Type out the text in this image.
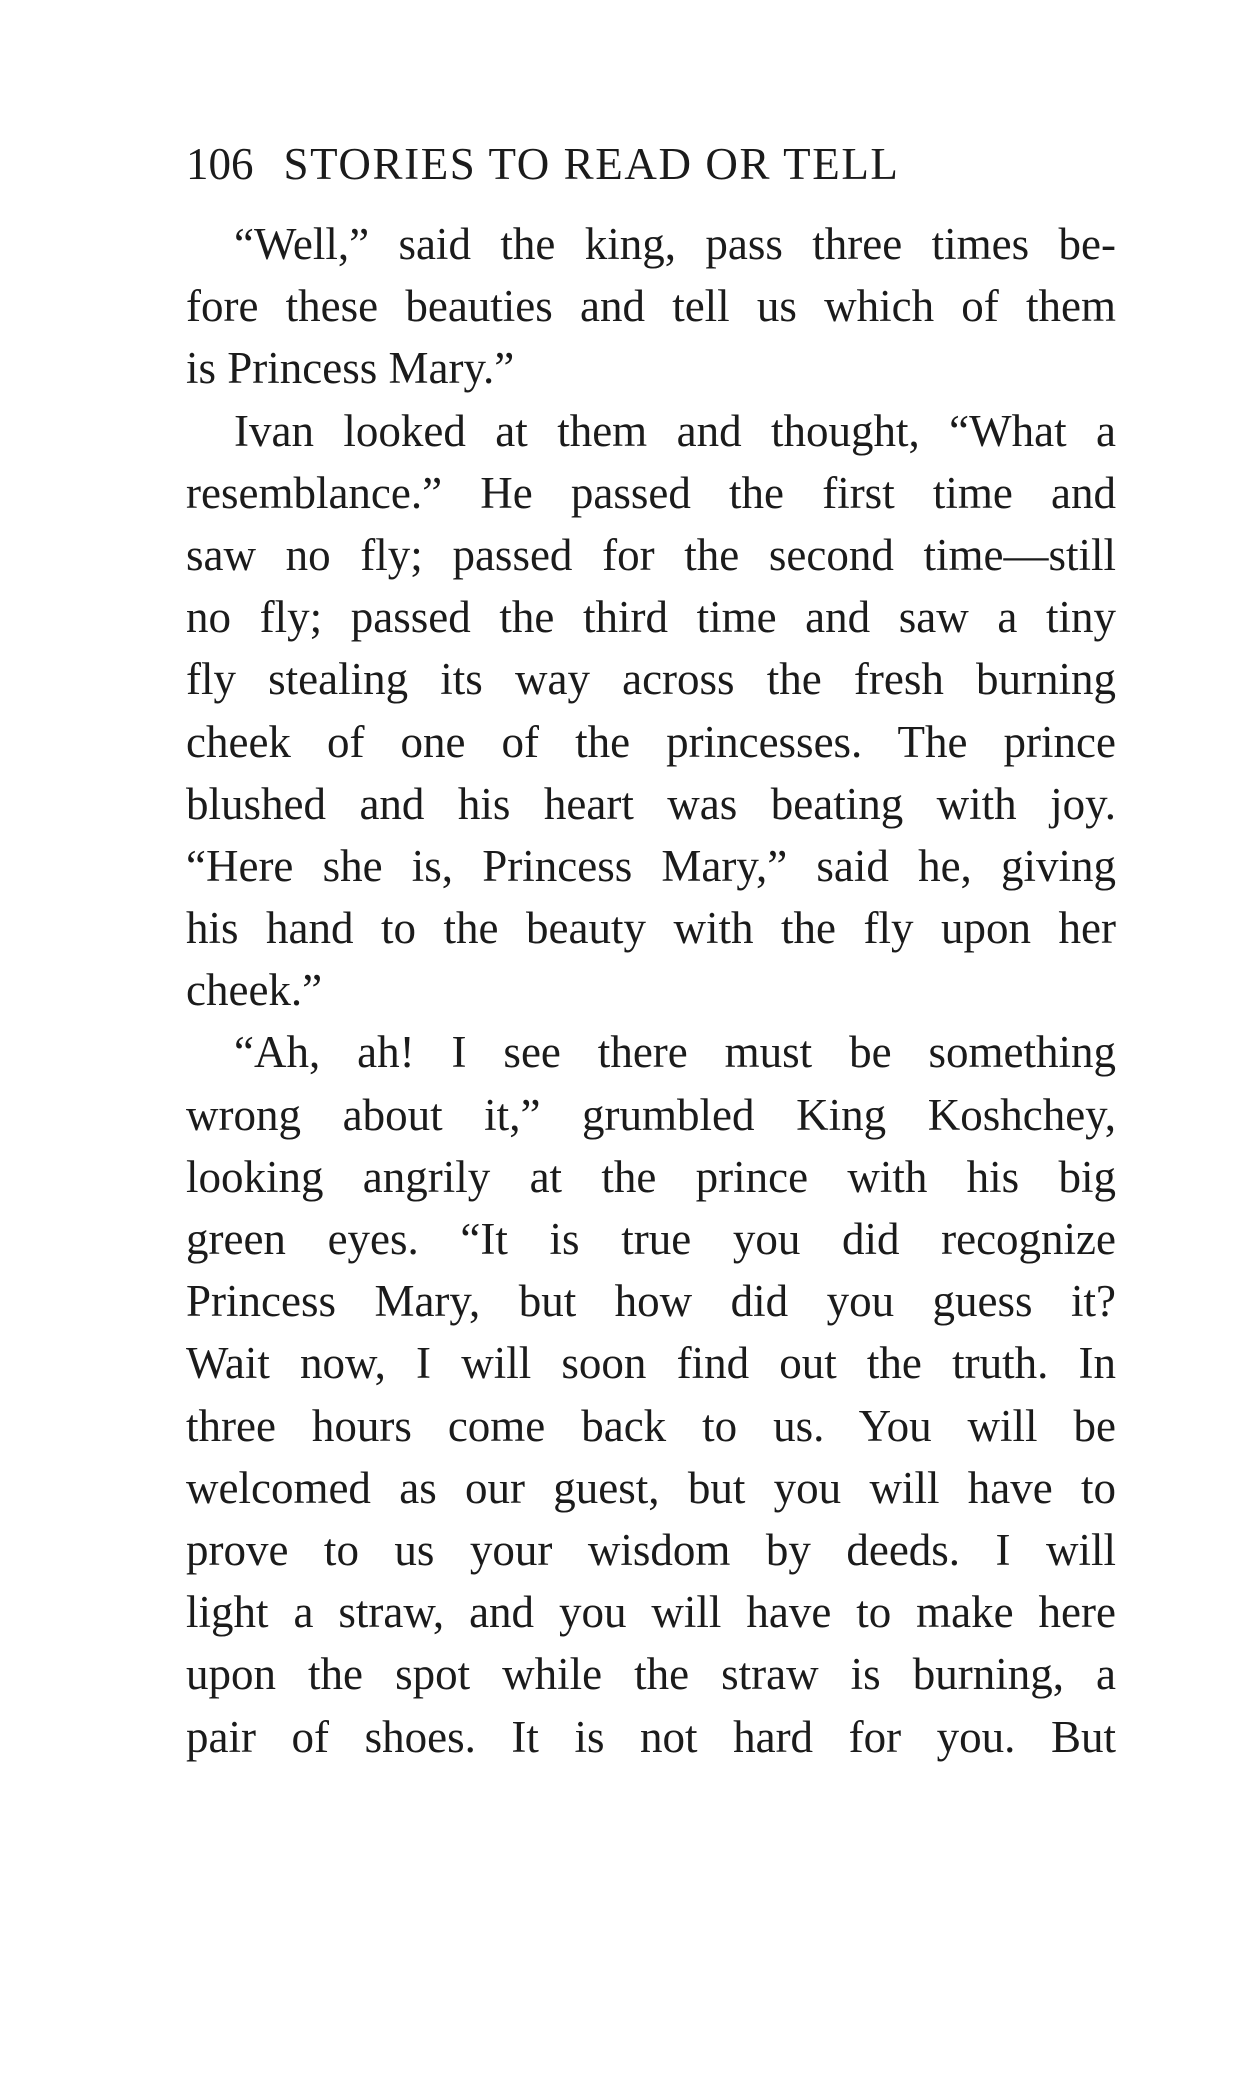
106 STORIES TO READ OR TELL
“Well,” said the king, pass three times be-
fore these beauties and tell us which of them
is Princess Mary.”
Ivan looked at them and thought, “What a
resemblance.” He passed the first time and
saw no fly; passed for the second time—still
no fly; passed the third time and saw a tiny
fly stealing its way across the fresh burning
cheek of one of the princesses. The prince
blushed and his heart was beating with joy.
“Here she is, Princess Mary,” said he, giving
his hand to the beauty with the fly upon her
cheek.”
“Ah, ah! I see there must be something
wrong about it,” grumbled King Koshchey,
looking angrily at the prince with his big
green eyes. “It is true you did recognize
Princess Mary, but how did you guess it?
Wait now, I will soon find out the truth. In
three hours come back to us. You will be
welcomed as our guest, but you will have to
prove to us your wisdom by deeds. I will
light a straw, and you will have to make here
upon the spot while the straw is burning, a
pair of shoes. It is not hard for you. But
